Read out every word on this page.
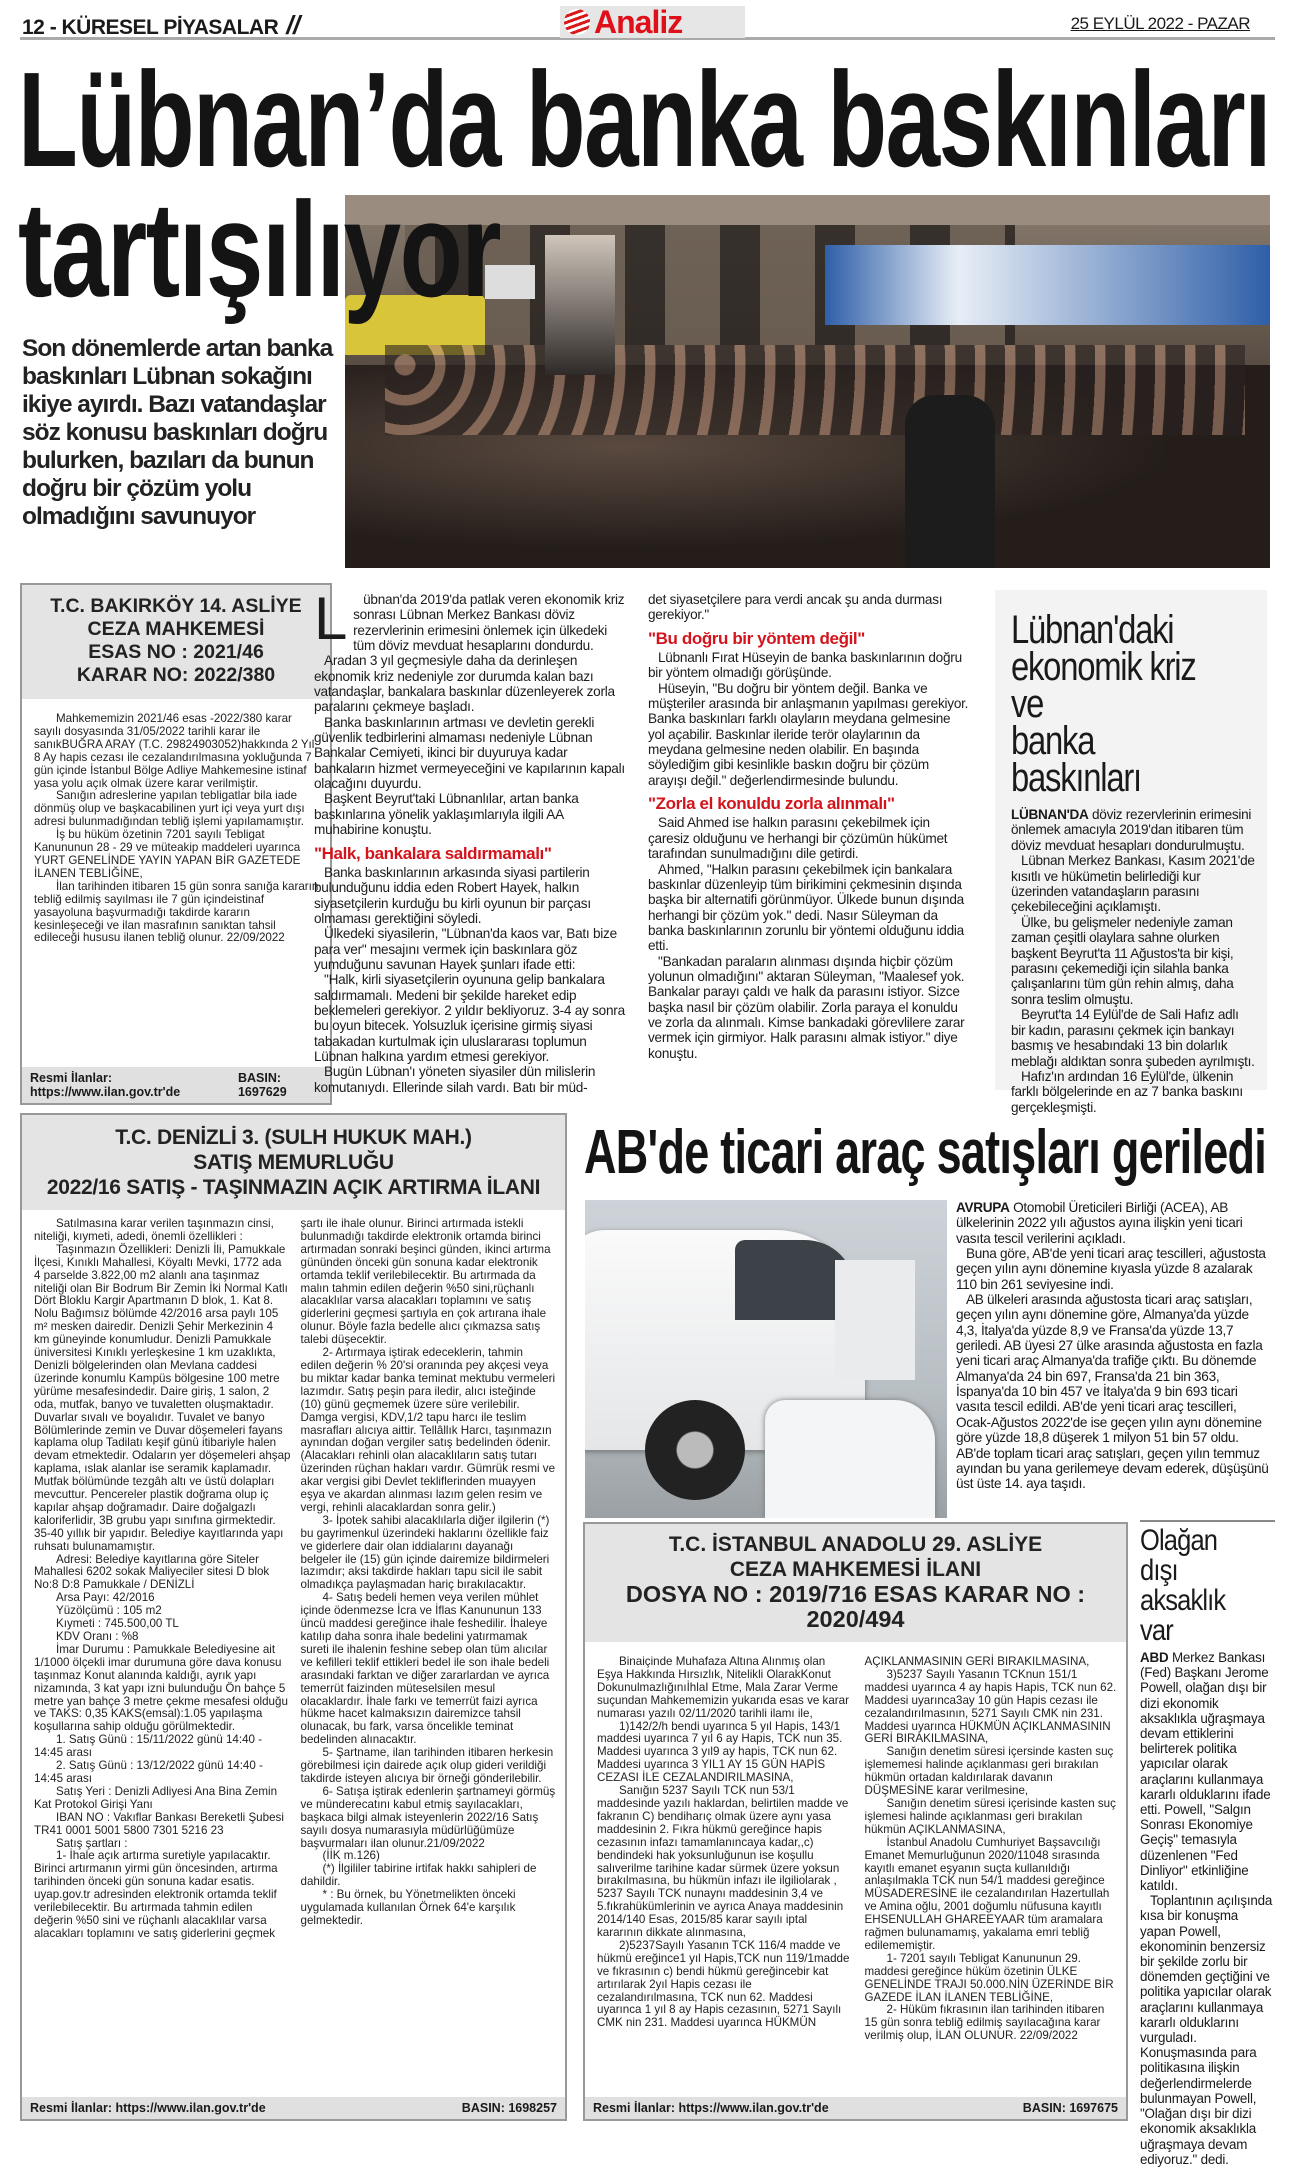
12 - KÜRESEL PİYASALAR //	Analiz	25 EYLÜL 2022 - PAZAR
Lübnan’da banka baskınları
tartışılıyor
Son dönemlerde artan banka baskınları Lübnan sokağını ikiye ayırdı. Bazı vatandaşlar söz konusu baskınları doğru bulurken, bazıları da bunun doğru bir çözüm yolu olmadığını savunuyor
T.C. BAKIRKÖY 14. ASLİYE
CEZA MAHKEMESİ
ESAS NO : 2021/46
KARAR NO: 2022/380

Mahkememizin 2021/46 esas -2022/380 karar sayılı dosyasında 31/05/2022 tarihli karar ile sanıkBUĞRA ARAY (T.C. 29824903052)hakkında 2 Yıl 8 Ay hapis cezası ile cezalandırılmasına yokluğunda 7 gün içinde İstanbul Bölge Adliye Mahkemesine istinaf yasa yolu açık olmak üzere karar verilmiştir.

Sanığın adreslerine yapılan tebligatlar bila iade dönmüş olup ve başkacabilinen yurt içi veya yurt dışı adresi bulunmadığından tebliğ işlemi yapılamamıştır.

İş bu hüküm özetinin 7201 sayılı Tebligat Kanununun 28 - 29 ve müteakip maddeleri uyarınca YURT GENELİNDE YAYIN YAPAN BİR GAZETEDE İLANEN TEBLİĞİNE,

İlan tarihinden itibaren 15 gün sonra sanığa kararın tebliğ edilmiş sayılması ile 7 gün içindeistinaf yasayoluna başvurmadığı takdirde kararın kesinleşeceği ve ilan masrafının sanıktan tahsil edileceği hususu ilanen tebliğ olunur. 22/09/2022

Resmi İlanlar: https://www.ilan.gov.tr'de
BASIN: 1697629
L	übnan'da 2019'da patlak veren ekonomik kriz sonrası Lübnan Merkez Bankası döviz rezervlerinin erimesini önlemek için ülkedeki tüm döviz mevduat hesaplarını dondurdu.

Aradan 3 yıl geçmesiyle daha da derinleşen ekonomik kriz nedeniyle zor durumda kalan bazı vatandaşlar, bankalara baskınlar düzenleyerek zorla paralarını çekmeye başladı.

Banka baskınlarının artması ve devletin gerekli güvenlik tedbirlerini almaması nedeniyle Lübnan Bankalar Cemiyeti, ikinci bir duyuruya kadar bankaların hizmet vermeyeceğini ve kapılarının kapalı olacağını duyurdu.

Başkent Beyrut'taki Lübnanlılar, artan banka baskınlarına yönelik yaklaşımlarıyla ilgili AA muhabirine konuştu.

"Halk, bankalara saldırmamalı"

Banka baskınlarının arkasında siyasi partilerin bulunduğunu iddia eden Robert Hayek, halkın siyasetçilerin kurduğu bu kirli oyunun bir parçası olmaması gerektiğini söyledi.

Ülkedeki siyasilerin, "Lübnan'da kaos var, Batı bize para ver" mesajını vermek için baskınlara göz yumduğunu savunan Hayek şunları ifade etti:

"Halk, kirli siyasetçilerin oyununa gelip bankalara saldırmamalı. Medeni bir şekilde hareket edip beklemeleri gerekiyor. 2 yıldır bekliyoruz. 3-4 ay sonra bu oyun bitecek. Yolsuzluk içerisine girmiş siyasi tabakadan kurtulmak için uluslararası toplumun Lübnan halkına yardım etmesi gerekiyor.

Bugün Lübnan'ı yöneten siyasiler dün milislerin komutanıydı. Ellerinde silah vardı. Batı bir müd-

det siyasetçilere para verdi ancak şu anda durması gerekiyor."

"Bu doğru bir yöntem değil"

Lübnanlı Fırat Hüseyin de banka baskınlarının doğru bir yöntem olmadığı görüşünde.

Hüseyin, "Bu doğru bir yöntem değil. Banka ve müşteriler arasında bir anlaşmanın yapılması gerekiyor. Banka baskınları farklı olayların meydana gelmesine yol açabilir. Baskınlar ileride terör olaylarının da meydana gelmesine neden olabilir. En başında söylediğim gibi kesinlikle baskın doğru bir çözüm arayışı değil." değerlendirmesinde bulundu.

"Zorla el konuldu zorla alınmalı"

Said Ahmed ise halkın parasını çekebilmek için çaresiz olduğunu ve herhangi bir çözümün hükümet tarafından sunulmadığını dile getirdi.

Ahmed, "Halkın parasını çekebilmek için bankalara baskınlar düzenleyip tüm birikimini çekmesinin dışında başka bir alternatifi görünmüyor. Ülkede bunun dışında herhangi bir çözüm yok." dedi. Nasır Süleyman da banka baskınlarının zorunlu bir yöntemi olduğunu iddia etti.

"Bankadan paraların alınması dışında hiçbir çözüm yolunun olmadığını" aktaran Süleyman, "Maalesef yok. Bankalar parayı çaldı ve halk da parasını istiyor. Sizce başka nasıl bir çözüm olabilir. Zorla paraya el konuldu ve zorla da alınmalı. Kimse bankadaki görevlilere zarar vermek için girmiyor. Halk parasını almak istiyor." diye konuştu.

Lübnan'daki
ekonomik kriz ve
banka baskınları

LÜBNAN'DA döviz rezervlerinin erimesini önlemek amacıyla 2019'dan itibaren tüm döviz mevduat hesapları dondurulmuştu.

Lübnan Merkez Bankası, Kasım 2021'de kısıtlı ve hükümetin belirlediği kur üzerinden vatandaşların parasını çekebileceğini açıklamıştı.

Ülke, bu gelişmeler nedeniyle zaman zaman çeşitli olaylara sahne olurken başkent Beyrut'ta 11 Ağustos'ta bir kişi, parasını çekemediği için silahla banka çalışanlarını tüm gün rehin almış, daha sonra teslim olmuştu.

Beyrut'ta 14 Eylül'de de Sali Hafız adlı bir kadın, parasını çekmek için bankayı basmış ve hesabındaki 13 bin dolarlık meblağı aldıktan sonra şubeden ayrılmıştı.

Hafız'ın ardından 16 Eylül'de, ülkenin farklı bölgelerinde en az 7 banka baskını gerçekleşmişti.

T.C. DENİZLİ 3. (SULH HUKUK MAH.)
SATIŞ MEMURLUĞU
2022/16 SATIŞ - TAŞINMAZIN AÇIK ARTIRMA İLANI

Satılmasına karar verilen taşınmazın cinsi, niteliği, kıymeti, adedi, önemli özellikleri :

Taşınmazın Özellikleri: Denizli İli, Pamukkale İlçesi, Kınıklı Mahallesi, Köyaltı Mevki, 1772 ada 4 parselde 3.822,00 m2 alanlı ana taşınmaz niteliği olan Bir Bodrum Bir Zemin İki Normal Katlı Dört Bloklu Kargir Apartmanın D blok, 1. Kat 8. Nolu Bağımsız bölümde 42/2016 arsa paylı 105 m² mesken dairedir. Denizli Şehir Merkezinin 4 km güneyinde konumludur. Denizli Pamukkale üniversitesi Kınıklı yerleşkesine 1 km uzaklıkta, Denizli bölgelerinden olan Mevlana caddesi üzerinde konumlu Kampüs bölgesine 100 metre yürüme mesafesindedir. Daire giriş, 1 salon, 2 oda, mutfak, banyo ve tuvaletten oluşmaktadır. Duvarlar sıvalı ve boyalıdır. Tuvalet ve banyo Bölümlerinde zemin ve Duvar döşemeleri fayans kaplama olup Tadilatı keşif günü itibariyle halen devam etmektedir. Odaların yer döşemeleri ahşap kaplama, ıslak alanlar ise seramik kaplamadır. Mutfak bölümünde tezgâh altı ve üstü dolapları mevcuttur. Pencereler plastik doğrama olup iç kapılar ahşap doğramadır. Daire doğalgazlı kaloriferlidir, 3B grubu yapı sınıfına girmektedir. 35-40 yıllık bir yapıdır. Belediye kayıtlarında yapı ruhsatı bulunamamıştır.

Adresi: Belediye kayıtlarına göre Siteler Mahallesi 6202 sokak Maliyeciler sitesi D blok No:8 D:8 Pamukkale / DENİZLİ

Arsa Payı: 42/2016

Yüzölçümü : 105 m2

Kıymeti : 745.500,00 TL

KDV Oranı : %8

İmar Durumu : Pamukkale Belediyesine ait 1/1000 ölçekli imar durumuna göre dava konusu taşınmaz Konut alanında kaldığı, ayrık yapı nizamında, 3 kat yapı izni bulunduğu Ön bahçe 5 metre yan bahçe 3 metre çekme mesafesi olduğu ve TAKS: 0,35 KAKS(emsal):1.05 yapılaşma koşullarına sahip olduğu görülmektedir.

1. Satış Günü : 15/11/2022 günü 14:40 - 14:45 arası

2. Satış Günü : 13/12/2022 günü 14:40 - 14:45 arası

Satış Yeri : Denizli Adliyesi Ana Bina Zemin Kat Protokol Girişi Yanı

IBAN NO : Vakıflar Bankası Bereketli Şubesi TR41 0001 5001 5800 7301 5216 23

Satış şartları :

1- İhale açık artırma suretiyle yapılacaktır. Birinci artırmanın yirmi gün öncesinden, artırma tarihinden önceki gün sonuna kadar esatis. uyap.gov.tr adresinden elektronik ortamda teklif verilebilecektir. Bu artırmada tahmin edilen değerin %50 sini ve rüçhanlı alacaklılar varsa alacakları toplamını ve satış giderlerini geçmek

şartı ile ihale olunur. Birinci artırmada istekli bulunmadığı takdirde elektronik ortamda birinci artırmadan sonraki beşinci günden, ikinci artırma gününden önceki gün sonuna kadar elektronik ortamda teklif verilebilecektir. Bu artırmada da malın tahmin edilen değerin %50 sini,rüçhanlı alacaklılar varsa alacakları toplamını ve satış giderlerini geçmesi şartıyla en çok artırana ihale olunur. Böyle fazla bedelle alıcı çıkmazsa satış talebi düşecektir.

2- Artırmaya iştirak edeceklerin, tahmin edilen değerin % 20'si oranında pey akçesi veya bu miktar kadar banka teminat mektubu vermeleri lazımdır. Satış peşin para iledir, alıcı isteğinde (10) günü geçmemek üzere süre verilebilir. Damga vergisi, KDV,1/2 tapu harcı ile teslim masrafları alıcıya aittir. Tellâllık Harcı, taşınmazın aynından doğan vergiler satış bedelinden ödenir. (Alacakları rehinli olan alacaklıların satış tutarı üzerinden rüçhan hakları vardır. Gümrük resmi ve akar vergisi gibi Devlet tekliflerinden muayyen eşya ve akardan alınması lazım gelen resim ve vergi, rehinli alacaklardan sonra gelir.)

3- İpotek sahibi alacaklılarla diğer ilgilerin (*) bu gayrimenkul üzerindeki haklarını özellikle faiz ve giderlere dair olan iddialarını dayanağı belgeler ile (15) gün içinde dairemize bildirmeleri lazımdır; aksi takdirde hakları tapu sicil ile sabit olmadıkça paylaşmadan hariç bırakılacaktır.

4- Satış bedeli hemen veya verilen mühlet içinde ödenmezse İcra ve İflas Kanununun 133 üncü maddesi gereğince ihale feshedilir. İhaleye katılıp daha sonra ihale bedelini yatırmamak sureti ile ihalenin feshine sebep olan tüm alıcılar ve kefilleri teklif ettikleri bedel ile son ihale bedeli arasındaki farktan ve diğer zararlardan ve ayrıca temerrüt faizinden müteselsilen mesul olacaklardır. İhale farkı ve temerrüt faizi ayrıca hükme hacet kalmaksızın dairemizce tahsil olunacak, bu fark, varsa öncelikle teminat bedelinden alınacaktır.

5- Şartname, ilan tarihinden itibaren herkesin görebilmesi için dairede açık olup gideri verildiği takdirde isteyen alıcıya bir örneği gönderilebilir.

6- Satışa iştirak edenlerin şartnameyi görmüş ve münderecatını kabul etmiş sayılacakları, başkaca bilgi almak isteyenlerin 2022/16 Satış sayılı dosya numarasıyla müdürlüğümüze başvurmaları ilan olunur.21/09/2022

(İİK m.126)

(*) İlgililer tabirine irtifak hakkı sahipleri de dahildir.

* : Bu örnek, bu Yönetmelikten önceki uygulamada kullanılan Örnek 64'e karşılık gelmektedir.

Resmi İlanlar: https://www.ilan.gov.tr'de	BASIN: 1698257
AB'de ticari araç satışları geriledi

AVRUPA Otomobil Üreticileri Birliği (ACEA), AB ülkelerinin 2022 yılı ağustos ayına ilişkin yeni ticari vasıta tescil verilerini açıkladı.

Buna göre, AB'de yeni ticari araç tescilleri, ağustosta geçen yılın aynı dönemine kıyasla yüzde 8 azalarak 110 bin 261 seviyesine indi.

AB ülkeleri arasında ağustosta ticari araç satışları, geçen yılın aynı dönemine göre, Almanya'da yüzde 4,3, İtalya'da yüzde 8,9 ve Fransa'da yüzde 13,7 geriledi. AB üyesi 27 ülke arasında ağustosta en fazla yeni ticari araç Almanya'da trafiğe çıktı. Bu dönemde Almanya'da 24 bin 697, Fransa'da 21 bin 363, İspanya'da 10 bin 457 ve İtalya'da 9 bin 693 ticari vasıta tescil edildi. AB'de yeni ticari araç tescilleri, Ocak-Ağustos 2022'de ise geçen yılın aynı dönemine göre yüzde 18,8 düşerek 1 milyon 51 bin 57 oldu. AB'de toplam ticari araç satışları, geçen yılın temmuz ayından bu yana gerilemeye devam ederek, düşüşünü üst üste 14. aya taşıdı.

T.C. İSTANBUL ANADOLU 29. ASLİYE
CEZA MAHKEMESİ İLANI
DOSYA NO : 2019/716 ESAS KARAR NO : 2020/494

Binaiçinde Muhafaza Altına Alınmış olan Eşya Hakkında Hırsızlık, Nitelikli OlarakKonut DokunulmazlığınıİhlaI Etme, Mala Zarar Verme suçundan Mahkememizin yukarıda esas ve karar numarası yazılı 02/11/2020 tarihli ilamı ile,

1)142/2/h bendi uyarınca 5 yıl Hapis, 143/1 maddesi uyarınca 7 yıl 6 ay Hapis, TCK nun 35. Maddesi uyarınca 3 yıl9 ay hapis, TCK nun 62. Maddesi uyarınca 3 YIL1 AY 15 GÜN HAPİS CEZASI İLE CEZALANDIRILMASINA,

Sanığın 5237 Sayılı TCK nun 53/1 maddesinde yazılı haklardan, belirtilen madde ve fakranın C) bendiharıç olmak üzere aynı yasa maddesinin 2. Fıkra hükmü gereğince hapis cezasının infazı tamamlanıncaya kadar,,c) bendindeki hak yoksunluğunun ise koşullu salıverilme tarihine kadar sürmek üzere yoksun bırakılmasına, bu hükmün infazı ile ilgiliolarak , 5237 Sayılı TCK nunaynı maddesinin 3,4 ve 5.fıkrahükümlerinin ve ayrıca Anaya maddesinin 2014/140 Esas, 2015/85 karar sayılı iptal kararının dikkate alınmasına,

2)5237Sayılı Yasanın TCK 116/4 madde ve hükmü ereğince1 yıl Hapis,TCK nun 119/1madde ve fıkrasının c) bendi hükmü gereğincebir kat artırılarak 2yıl Hapis cezası ile cezalandırılmasına, TCK nun 62. Maddesi uyarınca 1 yıl 8 ay Hapis cezasının, 5271 Sayılı CMK nin 231. Maddesi uyarınca HÜKMÜN

AÇIKLANMASININ GERİ BIRAKILMASINA,

3)5237 Sayılı Yasanın TCKnun 151/1 maddesi uyarınca 4 ay hapis Hapis, TCK nun 62. Maddesi uyarınca3ay 10 gün Hapis cezası ile cezalandırılmasının, 5271 Sayılı CMK nin 231. Maddesi uyarınca HÜKMÜN AÇIKLANMASININ GERİ BIRAKILMASINA,

Sanığın denetim süresi içersinde kasten suç işlememesi halinde açıklanması geri bırakılan hükmün ortadan kaldırılarak davanın DÜŞMESİNE karar verilmesine,

Sanığın denetim süresi içerisinde kasten suç işlemesi halinde açıklanması geri bırakılan hükmün AÇIKLANMASINA,

İstanbul Anadolu Cumhuriyet Başsavcılığı Emanet Memurluğunun 2020/11048 sırasında kayıtlı emanet eşyanın suçta kullanıldığı anlaşılmakla TCK nun 54/1 maddesi gereğince MÜSADERESİNE ile cezalandırılan Hazertullah ve Amina oğlu, 2001 doğumlu nüfusuna kayıtlı EHSENULLAH GHAREEYAAR tüm aramalara rağmen bulunamamış, yakalama emri tebliğ edilememiştir.

1- 7201 sayılı Tebligat Kanununun 29. maddesi gereğince hüküm özetinin ÜLKE GENELİNDE TRAJI 50.000.NİN ÜZERİNDE BİR GAZEDE İLAN İLANEN TEBLİĞİNE,

2- Hüküm fıkrasının ilan tarihinden itibaren 15 gün sonra tebliğ edilmiş sayılacağına karar verilmiş olup, İLAN OLUNUR. 22/09/2022

Resmi İlanlar: https://www.ilan.gov.tr'de	BASIN: 1697675
Olağan dışı
aksaklık var

ABD Merkez Bankası (Fed) Başkanı Jerome Powell, olağan dışı bir dizi ekonomik aksaklıkla uğraşmaya devam ettiklerini belirterek politika yapıcılar olarak araçlarını kullanmaya kararlı olduklarını ifade etti. Powell, "Salgın Sonrası Ekonomiye Geçiş" temasıyla düzenlenen "Fed Dinliyor" etkinliğine katıldı.

Toplantının açılışında kısa bir konuşma yapan Powell, ekonominin benzersiz bir şekilde zorlu bir dönemden geçtiğini ve politika yapıcılar olarak araçlarını kullanmaya kararlı olduklarını vurguladı. Konuşmasında para politikasına ilişkin değerlendirmelerde bulunmayan Powell, "Olağan dışı bir dizi ekonomik aksaklıkla uğraşmaya devam ediyoruz." dedi.
